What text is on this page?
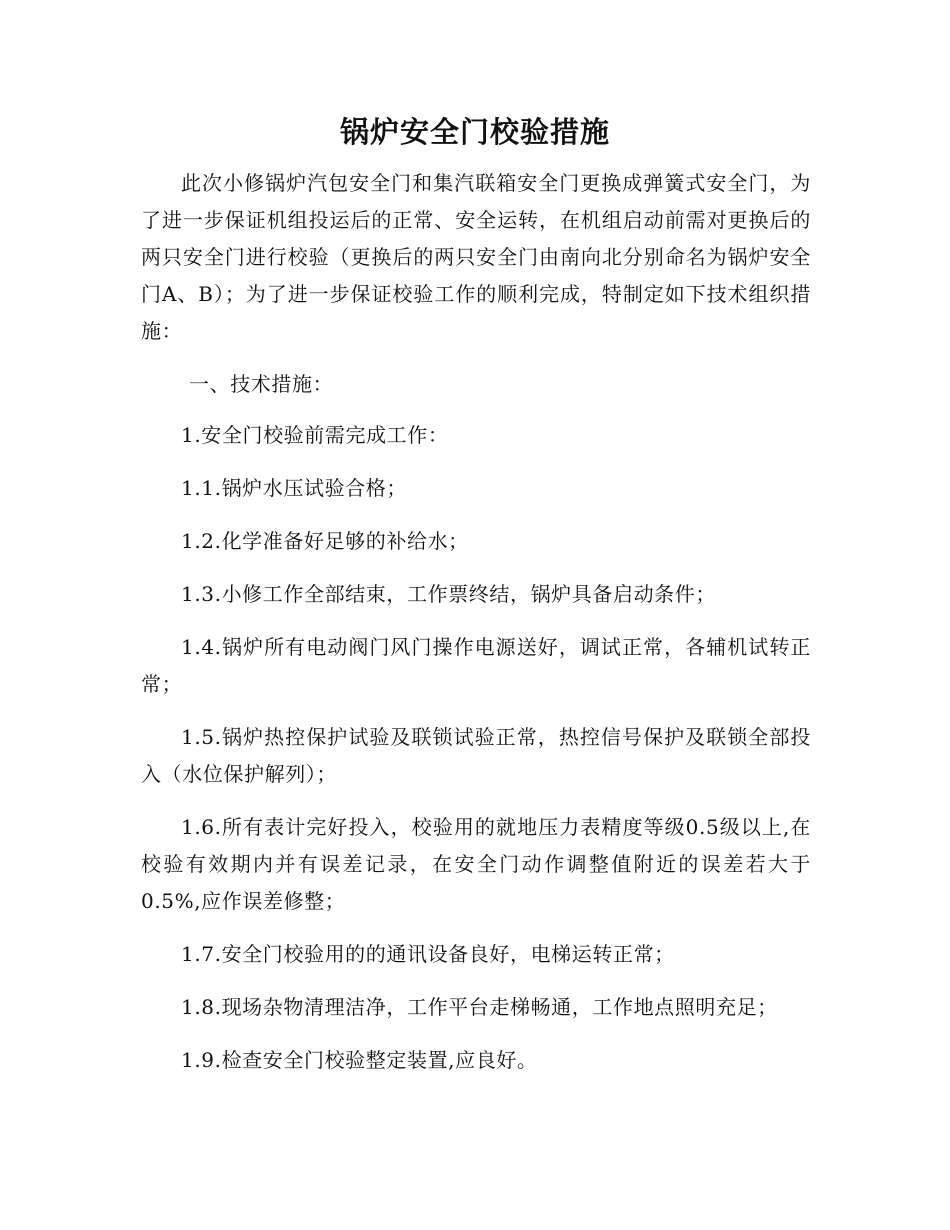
锅炉安全门校验措施

此次小修锅炉汽包安全门和集汽联箱安全门更换成弹簧式安全门，为了进一步保证机组投运后的正常、安全运转，在机组启动前需对更换后的两只安全门进行校验（更换后的两只安全门由南向北分别命名为锅炉安全门A、B）；为了进一步保证校验工作的顺利完成，特制定如下技术组织措施：

一、技术措施：

1.安全门校验前需完成工作：

1.1.锅炉水压试验合格；

1.2.化学准备好足够的补给水；

1.3.小修工作全部结束，工作票终结，锅炉具备启动条件；

1.4.锅炉所有电动阀门风门操作电源送好，调试正常，各辅机试转正常；

1.5.锅炉热控保护试验及联锁试验正常，热控信号保护及联锁全部投入（水位保护解列）；

1.6.所有表计完好投入，校验用的就地压力表精度等级0.5级以上,在校验有效期内并有误差记录，在安全门动作调整值附近的误差若大于0.5%,应作误差修整；

1.7.安全门校验用的的通讯设备良好，电梯运转正常；

1.8.现场杂物清理洁净，工作平台走梯畅通，工作地点照明充足；

1.9.检查安全门校验整定装置,应良好。
